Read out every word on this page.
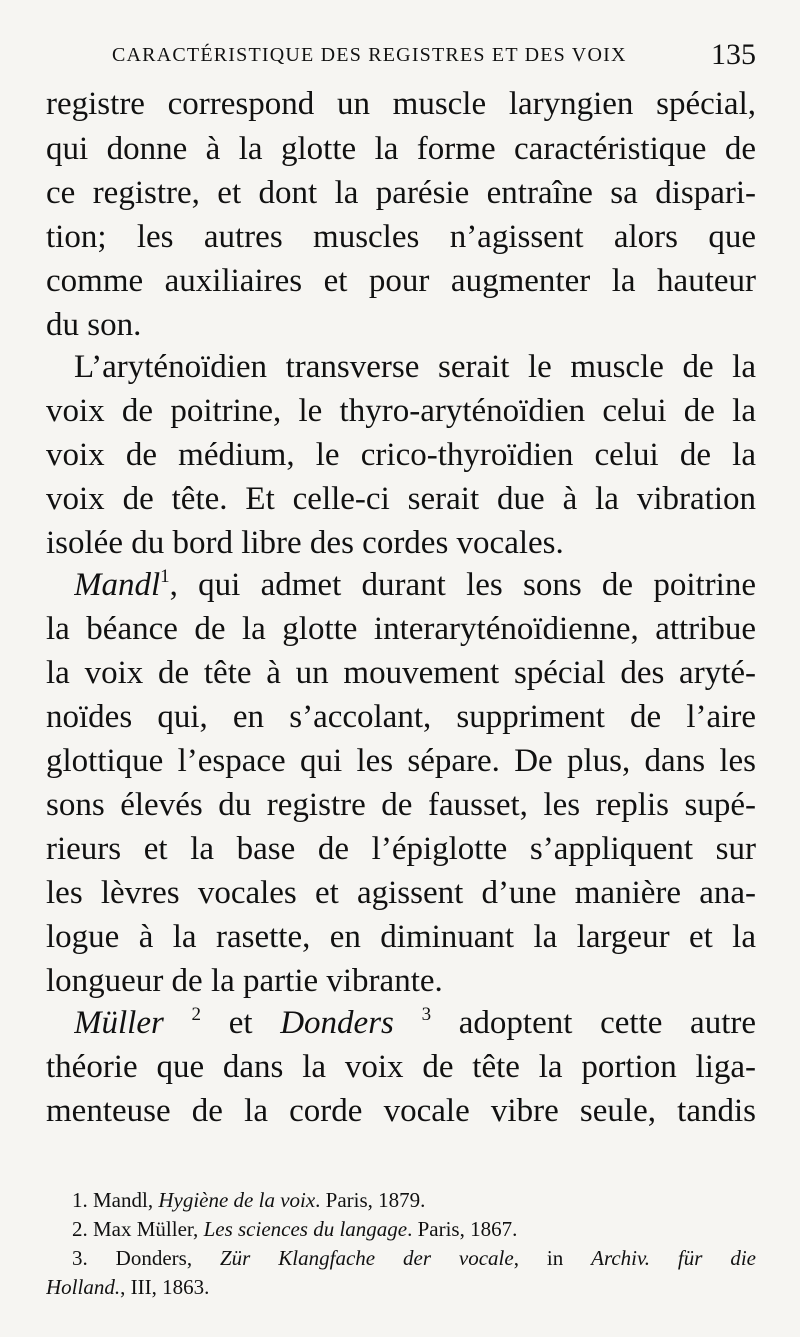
CARACTÉRISTIQUE DES REGISTRES ET DES VOIX	135
registre correspond un muscle laryngien spécial,
qui donne à la glotte la forme caractéristique de
ce registre, et dont la parésie entraîne sa dispari-
tion; les autres muscles n’agissent alors que
comme auxiliaires et pour augmenter la hauteur
du son.
L’aryténoïdien transverse serait le muscle de la
voix de poitrine, le thyro-aryténoïdien celui de la
voix de médium, le crico-thyroïdien celui de la
voix de tête. Et celle-ci serait due à la vibration
isolée du bord libre des cordes vocales.
Mandl$^1$, qui admet durant les sons de poitrine
la béance de la glotte interaryténoïdienne, attribue
la voix de tête à un mouvement spécial des aryté-
noïdes qui, en s’accolant, suppriment de l’aire
glottique l’espace qui les sépare. De plus, dans les
sons élevés du registre de fausset, les replis supé-
rieurs et la base de l’épiglotte s’appliquent sur
les lèvres vocales et agissent d’une manière ana-
logue à la rasette, en diminuant la largeur et la
longueur de la partie vibrante.
Müller $^2$ et Donders $^3$ adoptent cette autre
théorie que dans la voix de tête la portion liga-
menteuse de la corde vocale vibre seule, tandis
1. Mandl, Hygiène de la voix. Paris, 1879.
2. Max Müller, Les sciences du langage. Paris, 1867.
3. Donders, Zür Klangfache der vocale, in Archiv. für die
Holland., III, 1863.
